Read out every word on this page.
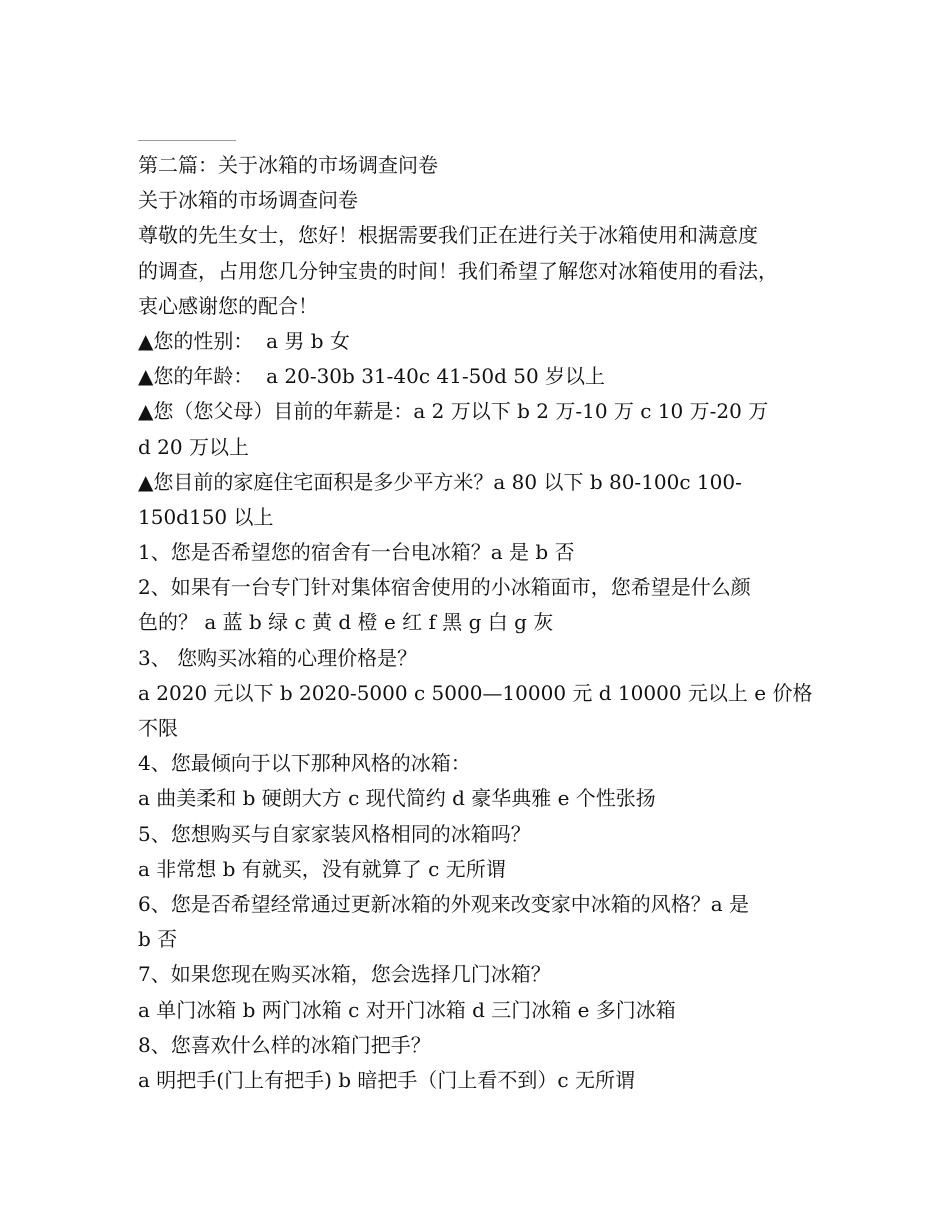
第二篇：关于冰箱的市场调查问卷
关于冰箱的市场调查问卷
尊敬的先生女士，您好！根据需要我们正在进行关于冰箱使用和满意度
的调查，占用您几分钟宝贵的时间！我们希望了解您对冰箱使用的看法，
衷心感谢您的配合！
▲您的性别：  a 男 b 女
▲您的年龄：  a 20-30b 31-40c 41-50d 50 岁以上
▲您（您父母）目前的年薪是：a 2 万以下 b 2 万-10 万 c 10 万-20 万
d 20 万以上
▲您目前的家庭住宅面积是多少平方米？a 80 以下 b 80-100c 100-
150d150 以上
1、您是否希望您的宿舍有一台电冰箱？a 是 b 否
2、如果有一台专门针对集体宿舍使用的小冰箱面市，您希望是什么颜
色的？ a 蓝 b 绿 c 黄 d 橙 e 红 f 黑 g 白 g 灰
3、 您购买冰箱的心理价格是？
a 2020 元以下 b 2020-5000 c 5000—10000 元 d 10000 元以上 e 价格
不限
4、您最倾向于以下那种风格的冰箱：
a 曲美柔和 b 硬朗大方 c 现代简约 d 豪华典雅 e 个性张扬
5、您想购买与自家家装风格相同的冰箱吗？
a 非常想 b 有就买，没有就算了 c 无所谓
6、您是否希望经常通过更新冰箱的外观来改变家中冰箱的风格？a 是
b 否
7、如果您现在购买冰箱，您会选择几门冰箱？
a 单门冰箱 b 两门冰箱 c 对开门冰箱 d 三门冰箱 e 多门冰箱
8、您喜欢什么样的冰箱门把手？
a 明把手(门上有把手) b 暗把手（门上看不到）c 无所谓
